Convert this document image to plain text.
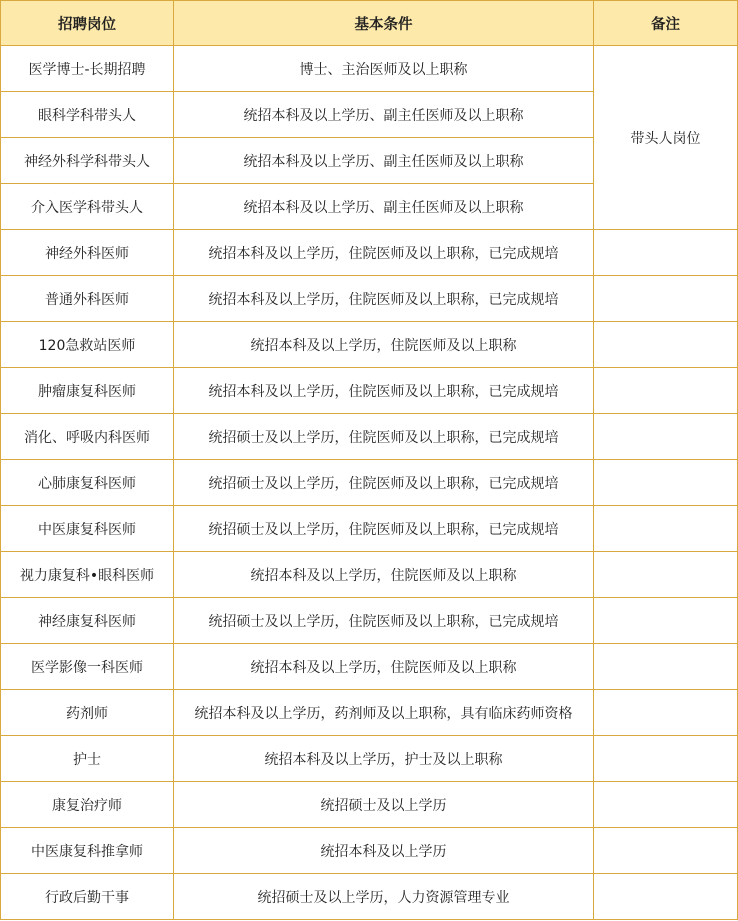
招聘岗位	基本条件	备注
医学博士-长期招聘	博士、主治医师及以上职称	带头人岗位
眼科学科带头人	统招本科及以上学历、副主任医师及以上职称	
神经外科学科带头人	统招本科及以上学历、副主任医师及以上职称	
介入医学科带头人	统招本科及以上学历、副主任医师及以上职称	
神经外科医师	统招本科及以上学历，住院医师及以上职称，已完成规培	
普通外科医师	统招本科及以上学历，住院医师及以上职称，已完成规培	
120急救站医师	统招本科及以上学历，住院医师及以上职称	
肿瘤康复科医师	统招本科及以上学历，住院医师及以上职称，已完成规培	
消化、呼吸内科医师	统招硕士及以上学历，住院医师及以上职称，已完成规培	
心肺康复科医师	统招硕士及以上学历，住院医师及以上职称，已完成规培	
中医康复科医师	统招硕士及以上学历，住院医师及以上职称，已完成规培	
视力康复科•眼科医师	统招本科及以上学历，住院医师及以上职称	
神经康复科医师	统招硕士及以上学历，住院医师及以上职称，已完成规培	
医学影像一科医师	统招本科及以上学历，住院医师及以上职称	
药剂师	统招本科及以上学历，药剂师及以上职称，具有临床药师资格	
护士	统招本科及以上学历，护士及以上职称	
康复治疗师	统招硕士及以上学历	
中医康复科推拿师	统招本科及以上学历	
行政后勤干事	统招硕士及以上学历，人力资源管理专业	
